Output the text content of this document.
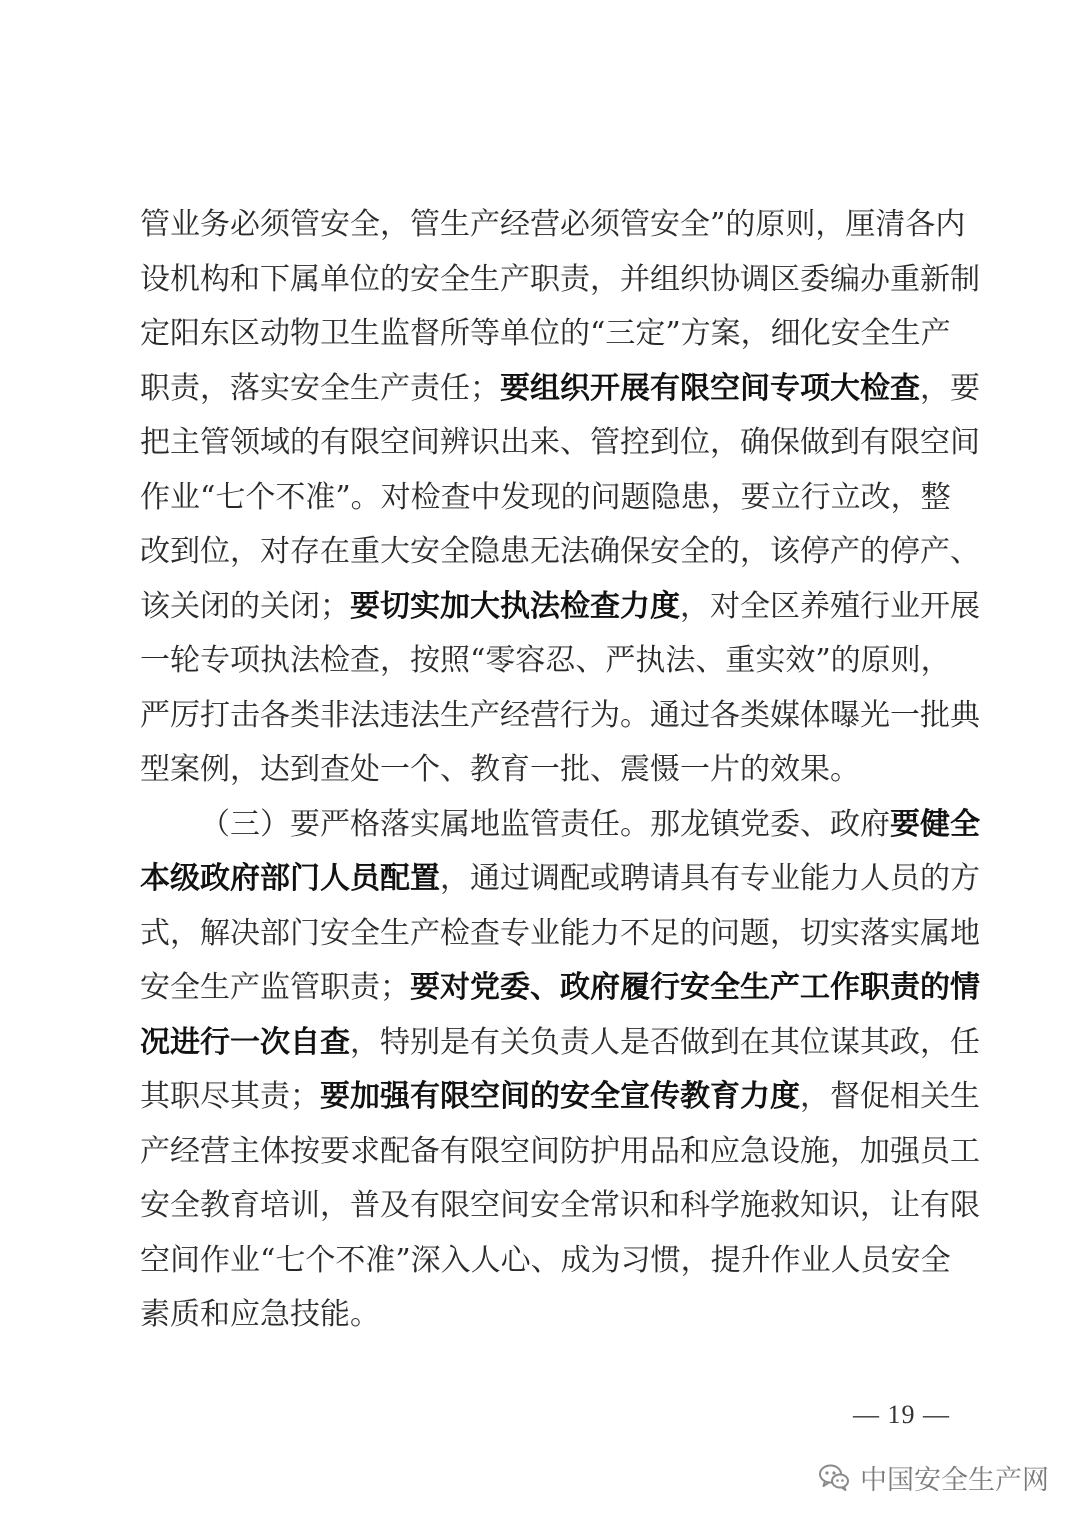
管业务必须管安全，管生产经营必须管安全”的原则，厘清各内
设机构和下属单位的安全生产职责，并组织协调区委编办重新制
定阳东区动物卫生监督所等单位的“三定”方案，细化安全生产
职责，落实安全生产责任；要组织开展有限空间专项大检查，要
把主管领域的有限空间辨识出来、管控到位，确保做到有限空间
作业“七个不准”。对检查中发现的问题隐患，要立行立改，整
改到位，对存在重大安全隐患无法确保安全的，该停产的停产、
该关闭的关闭；要切实加大执法检查力度，对全区养殖行业开展
一轮专项执法检查，按照“零容忍、严执法、重实效”的原则，
严厉打击各类非法违法生产经营行为。通过各类媒体曝光一批典
型案例，达到查处一个、教育一批、震慑一片的效果。
（三）要严格落实属地监管责任。那龙镇党委、政府要健全
本级政府部门人员配置，通过调配或聘请具有专业能力人员的方
式，解决部门安全生产检查专业能力不足的问题，切实落实属地
安全生产监管职责；要对党委、政府履行安全生产工作职责的情
况进行一次自查，特别是有关负责人是否做到在其位谋其政，任
其职尽其责；要加强有限空间的安全宣传教育力度，督促相关生
产经营主体按要求配备有限空间防护用品和应急设施，加强员工
安全教育培训，普及有限空间安全常识和科学施救知识，让有限
空间作业“七个不准”深入人心、成为习惯，提升作业人员安全
素质和应急技能。
— 19 —
中国安全生产网
